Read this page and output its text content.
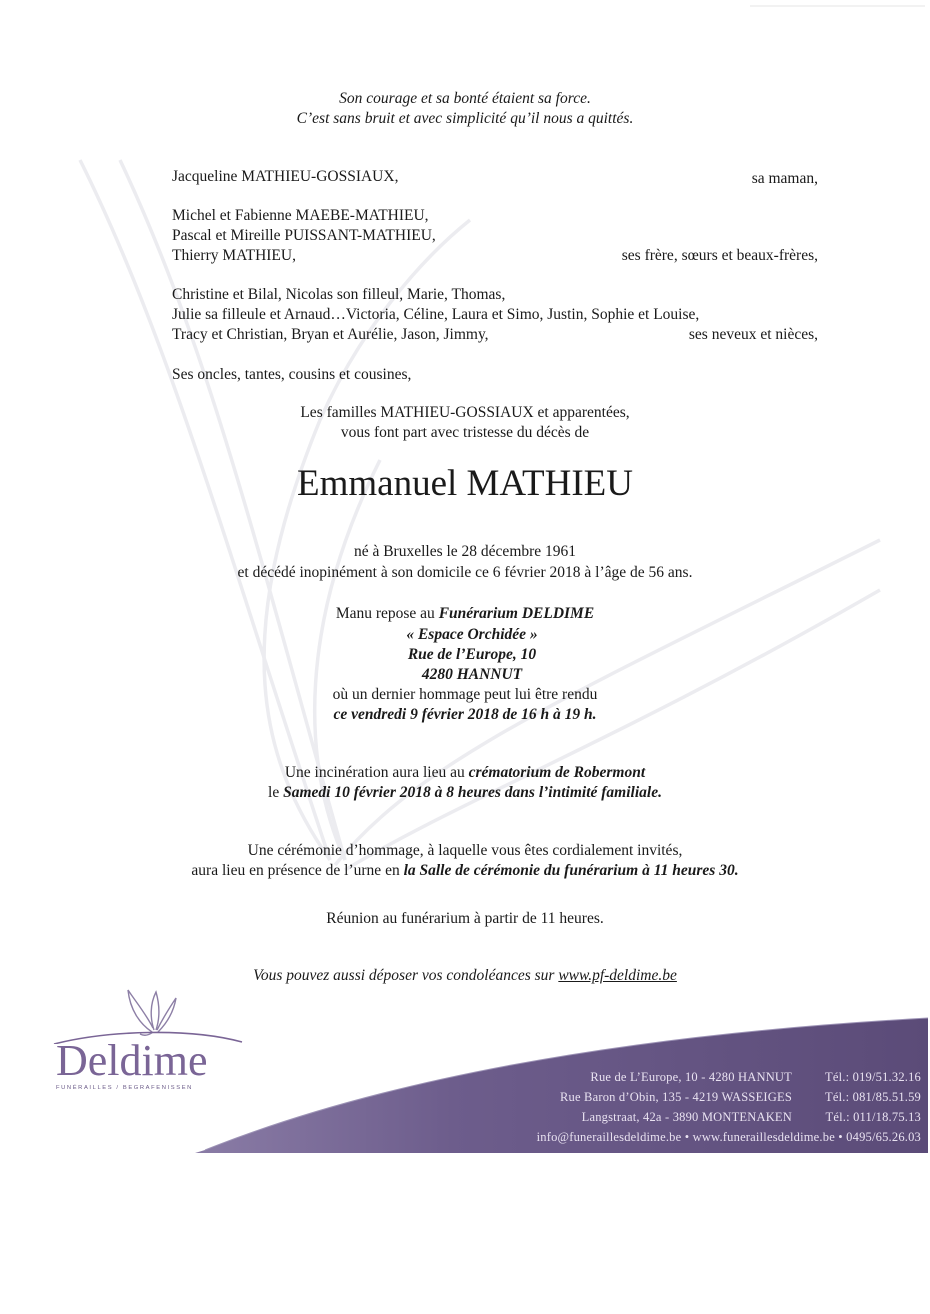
Son courage et sa bonté étaient sa force.
C’est sans bruit et avec simplicité qu’il nous a quittés.
Jacqueline MATHIEU-GOSSIAUX,	sa maman,
Michel et Fabienne MAEBE-MATHIEU,
Pascal et Mireille PUISSANT-MATHIEU,
Thierry MATHIEU,	ses frère, sœurs et beaux-frères,
Christine et Bilal, Nicolas son filleul, Marie, Thomas,
Julie sa filleule et Arnaud…Victoria, Céline, Laura et Simo, Justin, Sophie et Louise,
Tracy et Christian, Bryan et Aurélie, Jason, Jimmy,	ses neveux et nièces,
Ses oncles, tantes, cousins et cousines,
Les familles MATHIEU-GOSSIAUX et apparentées,
vous font part avec tristesse du décès de
Emmanuel MATHIEU
né à Bruxelles le 28 décembre 1961
et décédé inopinément à son domicile ce 6 février 2018 à l’âge de 56 ans.
Manu repose au Funérarium DELDIME
« Espace Orchidée »
Rue de l’Europe, 10
4280 HANNUT
où un dernier hommage peut lui être rendu
ce vendredi 9 février 2018 de 16 h à 19 h.
Une incinération aura lieu au crématorium de Robermont
le Samedi 10 février 2018 à 8 heures dans l’intimité familiale.
Une cérémonie d’hommage, à laquelle vous êtes cordialement invités,
aura lieu en présence de l’urne en la Salle de cérémonie du funérarium à 11 heures 30.
Réunion au funérarium à partir de 11 heures.
Vous pouvez aussi déposer vos condoléances sur www.pf-deldime.be
Deldime
FUNÉRAILLES / BEGRAFENISSEN
Rue de L’Europe, 10 - 4280 HANNUT	Tél.: 019/51.32.16
Rue Baron d’Obin, 135 - 4219 WASSEIGES	Tél.: 081/85.51.59
Langstraat, 42a - 3890 MONTENAKEN	Tél.: 011/18.75.13
info@funeraillesdeldime.be • www.funeraillesdeldime.be • 0495/65.26.03
